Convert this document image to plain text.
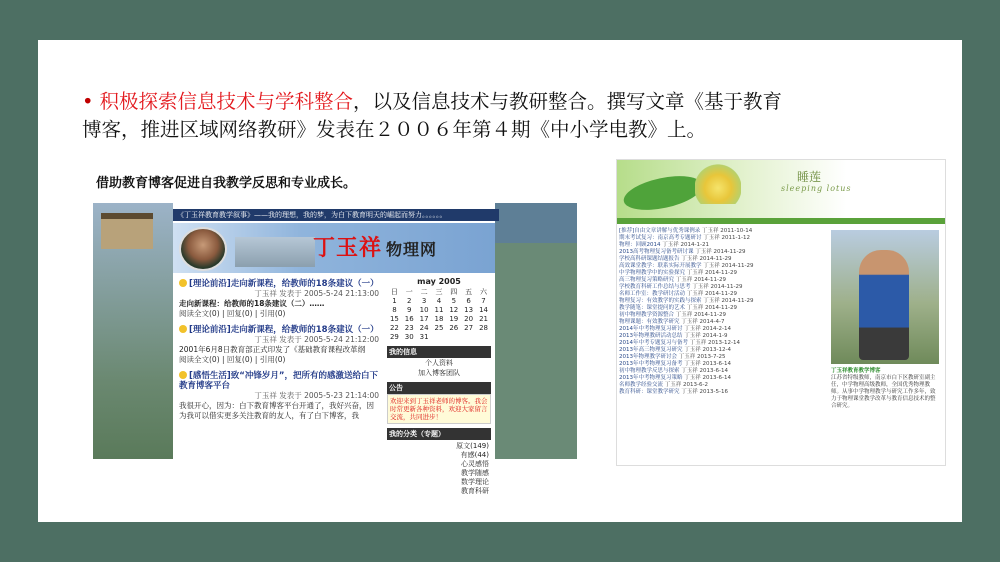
• 积极探索信息技术与学科整合，以及信息技术与教研整合。撰写文章《基于教育
博客，推进区域网络教研》发表在２００６年第４期《中小学电教》上。
借助教育博客促进自我教学反思和专业成长。
《丁玉祥教育教学叙事》——我的理想，我的梦，为白下教育明天的崛起而努力。。。。。。
丁玉祥 物理网
[理论前沿]走向新课程，给教师的18条建议（一）
丁玉祥 发表于 2005-5-24 21:13:00
走向新课程：给教师的18条建议（二）……
阅读全文(0) | 回复(0) | 引用(0)
[理论前沿]走向新课程，给教师的18条建议（一）
丁玉祥 发表于 2005-5-24 21:12:00
2001年6月8日教育部正式印发了《基础教育课程改革纲
阅读全文(0) | 回复(0) | 引用(0)
[感悟生活]致“冲锋岁月”，把所有的感激送给白下教育博客平台
丁玉祥 发表于 2005-5-23 21:14:00
我很开心，因为：白下教育博客平台开通了，我好兴奋，因为我可以借实更多关注教育的友人，有了白下博客，我
may 2005
日	一	二	三	四	五	六
1	2	3	4	5	6	7
8	9	10	11	12	13	14
15	16	17	18	19	20	21
22	23	24	25	26	27	28
29	30	31				
我的信息
个人资料
加入博客团队
公告
欢迎来到丁玉祥老师的博客。我会时常更新各种资料，欢迎大家留言交流，共同进步！
我的分类（专题）
原文(149)
有感(44)
心灵感悟
教学随感
数学理论
教育科研
睡莲
sleeping lotus
[推荐]自由文章讲解与优秀课例录 丁玉祥 2011-10-14
期末考试复习：南京高考专题研讨 丁玉祥 2011-1-12
物理：回顾2014 丁玉祥 2014-1-21
2013高考物理复习备考研讨课 丁玉祥 2014-11-29
学校高科研课题结题报告 丁玉祥 2014-11-29
高效课堂教学：联系实际开展教学 丁玉祥 2014-11-29
中学物理教学中的实验探究 丁玉祥 2014-11-29
高三物理复习策略研究 丁玉祥 2014-11-29
学校教育科研工作总结与思考 丁玉祥 2014-11-29
名师工作室：教学研讨活动 丁玉祥 2014-11-29
物理复习：有效教学的实践与探索 丁玉祥 2014-11-29
教学随笔：课堂提问的艺术 丁玉祥 2014-11-29
初中物理教学资源整合 丁玉祥 2014-11-29
物理课题：有效教学研究 丁玉祥 2014-4-7
2014年中考物理复习研讨 丁玉祥 2014-2-14
2013年物理教研活动总结 丁玉祥 2014-1-9
2014年中考专题复习与备考 丁玉祥 2013-12-14
2013年高三物理复习研究 丁玉祥 2013-12-4
2013年物理教学研讨会 丁玉祥 2013-7-25
2013年中考物理复习备考 丁玉祥 2013-6-14
初中物理教学反思与探索 丁玉祥 2013-6-14
2013年中考物理复习策略 丁玉祥 2013-6-14
名师教学经验交流 丁玉祥 2013-6-2
教育科研：课堂教学研究 丁玉祥 2013-5-16
丁玉祥教育教学博客
江苏省特级教师，南京市白下区教研室副主任，中学物理高级教师，全国优秀物理教师。从事中学物理教学与研究工作多年，致力于物理课堂教学改革与教育信息技术的整合研究。
